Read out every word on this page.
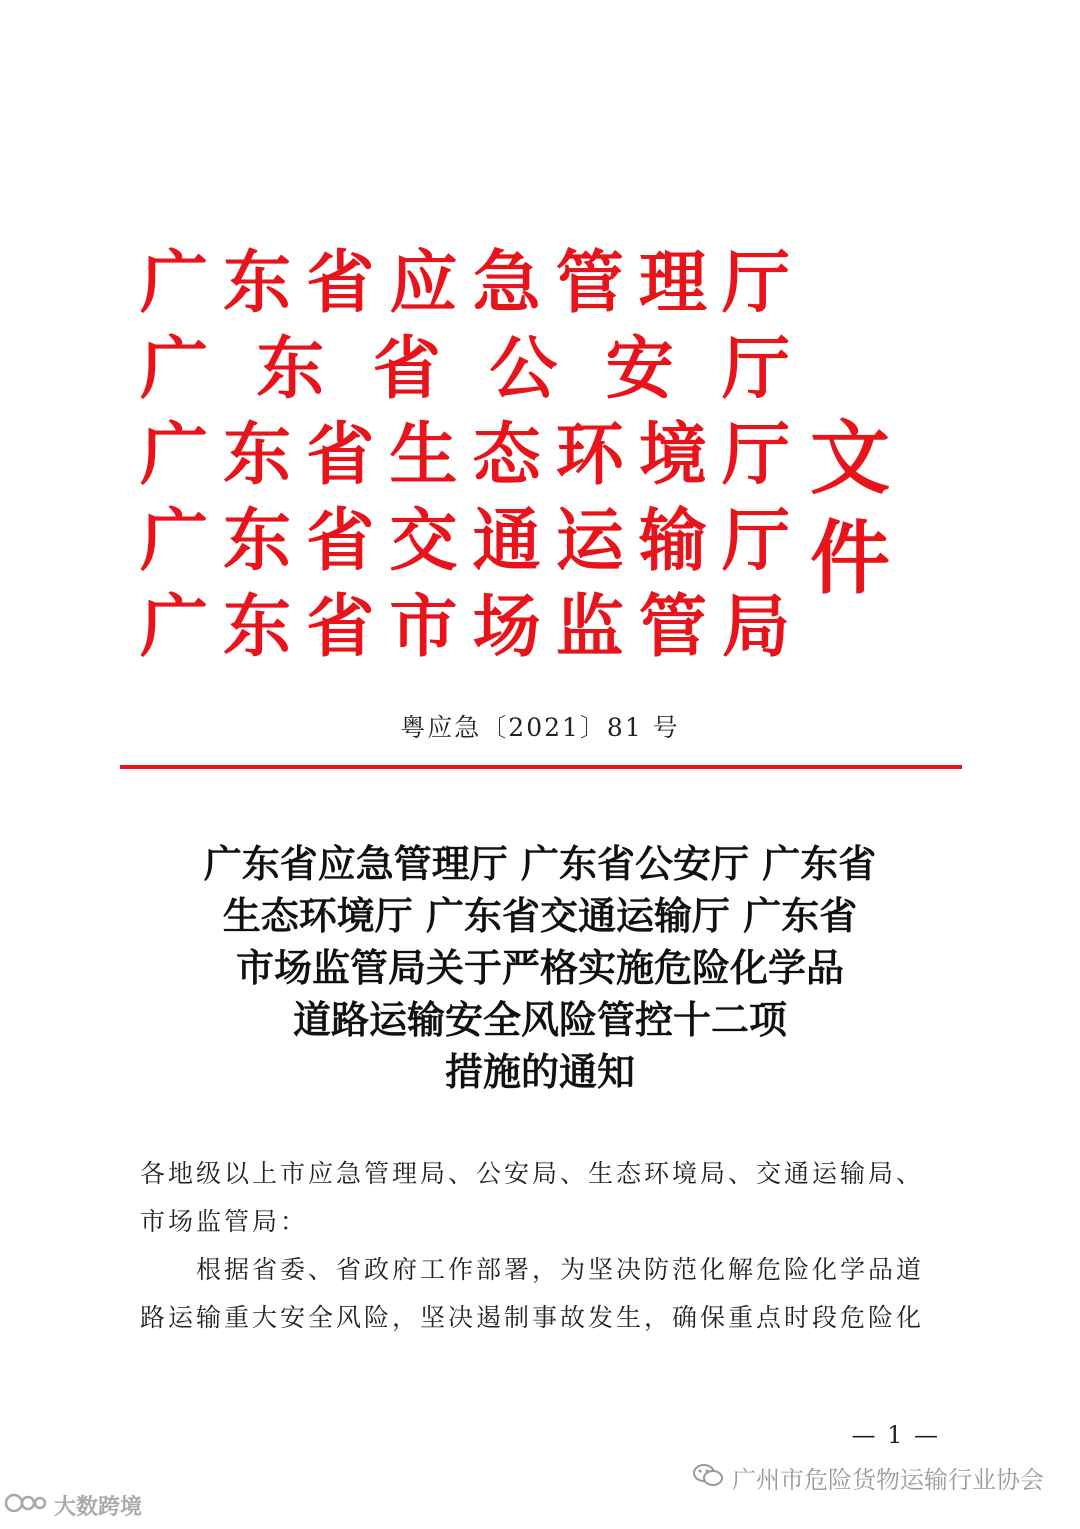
广 东 省 应 急 管 理 厅
广 东 省 公 安 厅
广 东 省 生 态 环 境 厅
广 东 省 交 通 运 输 厅
广 东 省 市 场 监 管 局
文件
粤应急〔2021〕81 号
广东省应急管理厅 广东省公安厅 广东省
生态环境厅 广东省交通运输厅 广东省
市场监管局关于严格实施危险化学品
道路运输安全风险管控十二项
措施的通知

各地级以上市应急管理局、公安局、生态环境局、交通运输局、

市场监管局：

根据省委、省政府工作部署，为坚决防范化解危险化学品道

路运输重大安全风险，坚决遏制事故发生，确保重点时段危险化

— 1 —
广州市危险货物运输行业协会
大数跨境
